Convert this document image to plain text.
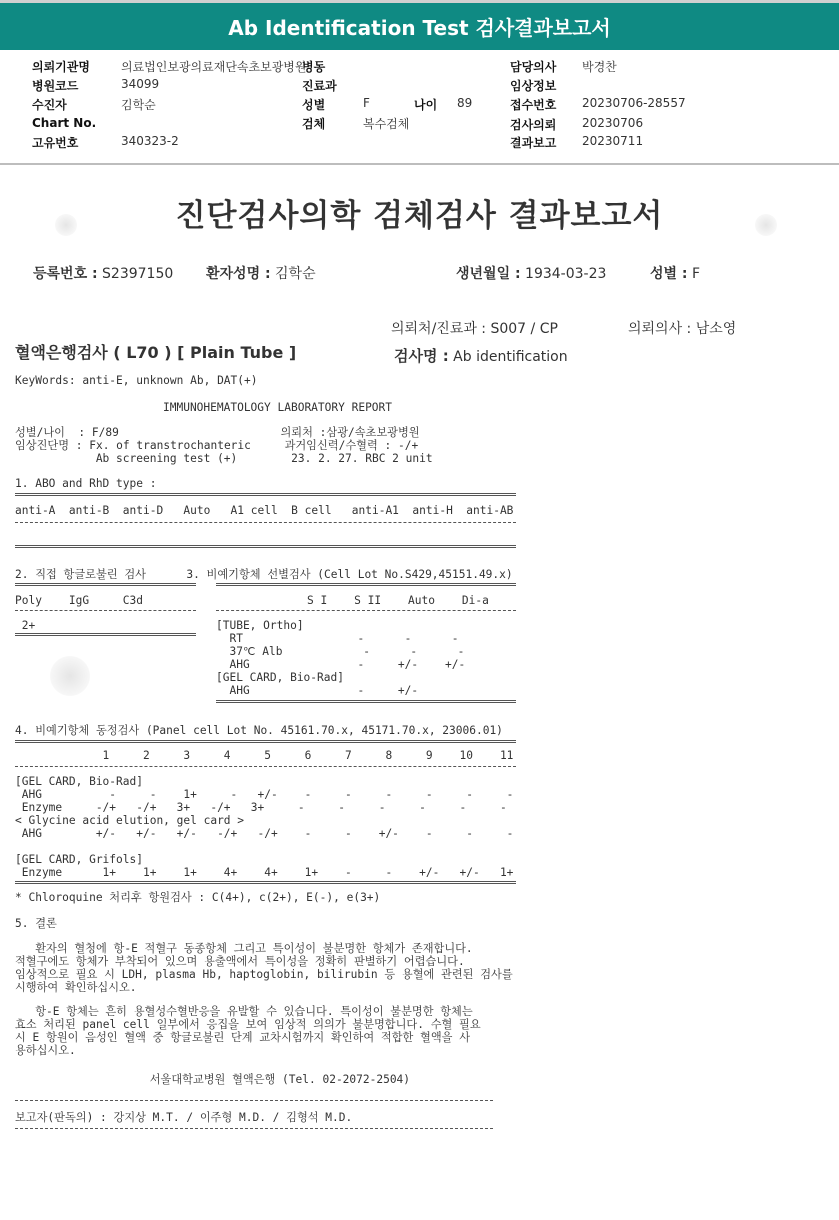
Ab Identification Test 검사결과보고서
의뢰기관명	의료법인보광의료재단속초보광병원
병원코드	34099
수진자	김학순
Chart No.
고유번호	340323-2
병동
진료과
성별	F	나이 89
검체	복수검체
담당의사 박경찬
임상정보
접수번호 20230706-28557
검사의뢰 20230706
결과보고 20230711
진단검사의학 검체검사 결과보고서
등록번호 : S2397150 환자성명 : 김학순	생년월일 : 1934-03-23	성별 : F
의뢰처/진료과 : S007 / CP	의뢰의사 : 남소영
혈액은행검사 ( L70 ) [ Plain Tube ]	검사명 : Ab identification
KeyWords: anti-E, unknown Ab, DAT(+)
IMMUNOHEMATOLOGY LABORATORY REPORT
성별/나이  : F/89                        의뢰처 :삼광/속초보광병원
임상진단명 : Fx. of transtrochanteric     과거임신력/수혈력 : -/+
Ab screening test (+)        23. 2. 27. RBC 2 unit
1. ABO and RhD type :
anti-A  anti-B  anti-D   Auto   A1 cell  B cell   anti-A1  anti-H  anti-AB
2. 직접 항글로불린 검사      3. 비예기항체 선별검사 (Cell Lot No.S429,45151.49.x)
Poly    IgG     C3d	S I    S II    Auto    Di-a
2+	[TUBE, Ortho]
RT                 -      -      -
37℃ Alb            -      -      -
AHG                -     +/-    +/-
[GEL CARD, Bio-Rad]
AHG                -     +/-
4. 비예기항체 동정검사 (Panel cell Lot No. 45161.70.x, 45171.70.x, 23006.01)
1     2     3     4     5     6     7     8     9    10    11
[GEL CARD, Bio-Rad]
AHG          -     -    1+     -   +/-    -     -     -     -     -     -
Enzyme     -/+   -/+   3+   -/+   3+     -     -     -     -     -     -
< Glycine acid elution, gel card >
AHG        +/-   +/-   +/-   -/+   -/+    -     -    +/-    -     -     -

[GEL CARD, Grifols]
Enzyme      1+    1+    1+    4+    4+    1+    -     -    +/-   +/-   1+
* Chloroquine 처리후 항원검사 : C(4+), c(2+), E(-), e(3+)
5. 결론
환자의 혈청에 항-E 적혈구 동종항체 그리고 특이성이 불분명한 항체가 존재합니다.
적혈구에도 항체가 부착되어 있으며 용출액에서 특이성을 정확히 판별하기 어렵습니다.
임상적으로 필요 시 LDH, plasma Hb, haptoglobin, bilirubin 등 용혈에 관련된 검사를
시행하여 확인하십시오.
항-E 항체는 흔히 용혈성수혈반응을 유발할 수 있습니다. 특이성이 불분명한 항체는
효소 처리된 panel cell 일부에서 응집을 보여 임상적 의의가 불분명합니다. 수혈 필요
시 E 항원이 음성인 혈액 중 항글로불린 단계 교차시험까지 확인하여 적합한 혈액을 사
용하십시오.
서울대학교병원 혈액은행 (Tel. 02-2072-2504)
보고자(판독의) : 강지상 M.T. / 이주형 M.D. / 김형석 M.D.
